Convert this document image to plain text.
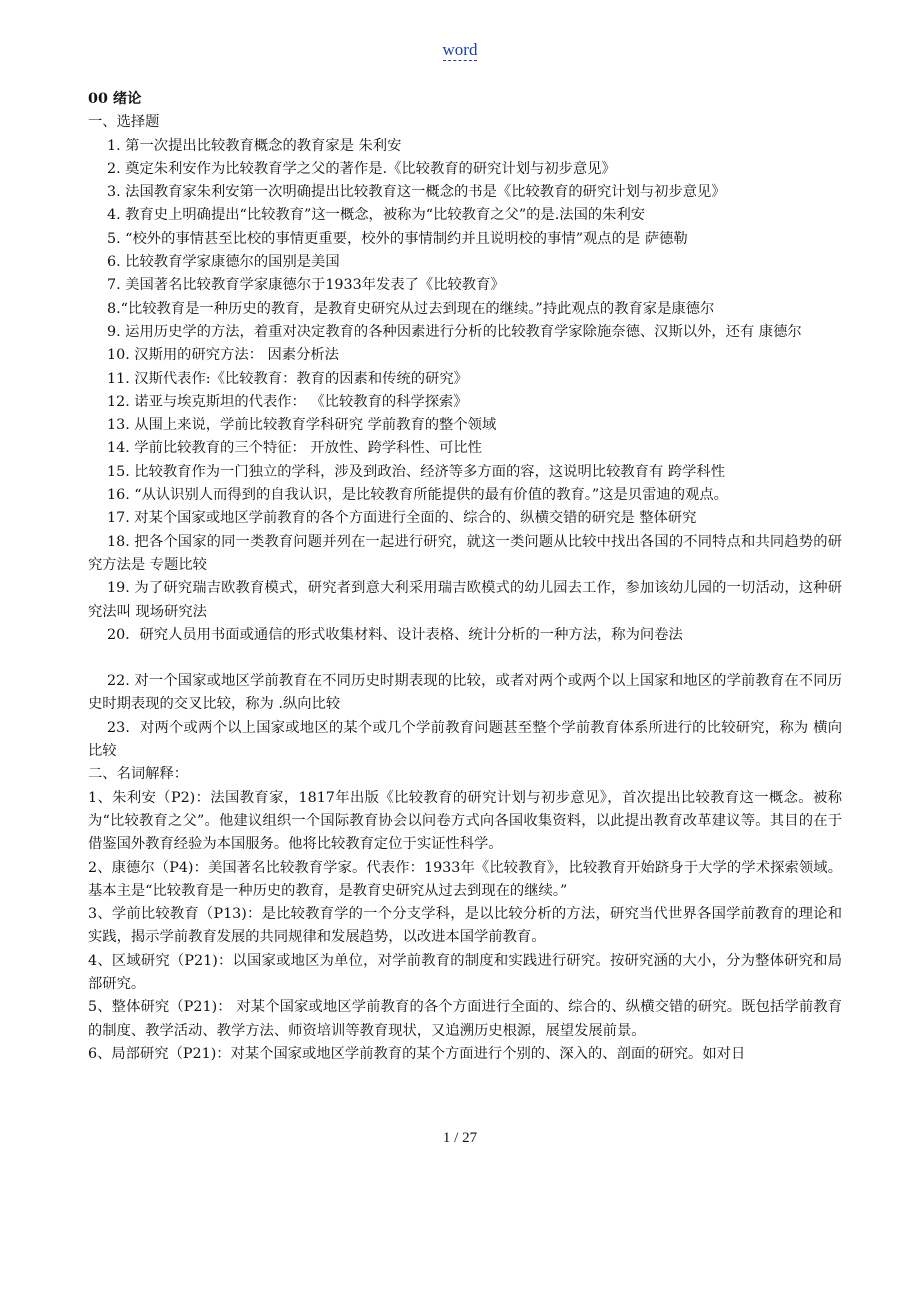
word
00 绪论
一、选择题
1. 第一次提出比较教育概念的教育家是 朱利安
2. 奠定朱利安作为比较教育学之父的著作是.《比较教育的研究计划与初步意见》
3. 法国教育家朱利安第一次明确提出比较教育这一概念的书是《比较教育的研究计划与初步意见》
4. 教育史上明确提出“比较教育”这一概念，被称为“比较教育之父”的是.法国的朱利安
5. “校外的事情甚至比校的事情更重要，校外的事情制约并且说明校的事情”观点的是 萨德勒
6. 比较教育学家康德尔的国别是美国
7. 美国著名比较教育学家康德尔于1933年发表了《比较教育》
8.“比较教育是一种历史的教育，是教育史研究从过去到现在的继续。”持此观点的教育家是康德尔
9. 运用历史学的方法，着重对决定教育的各种因素进行分析的比较教育学家除施奈德、汉斯以外，还有 康德尔
10. 汉斯用的研究方法： 因素分析法
11. 汉斯代表作:《比较教育：教育的因素和传统的研究》
12. 诺亚与埃克斯坦的代表作： 《比较教育的科学探索》
13. 从围上来说，学前比较教育学科研究 学前教育的整个领域
14. 学前比较教育的三个特征： 开放性、跨学科性、可比性
15. 比较教育作为一门独立的学科，涉及到政治、经济等多方面的容，这说明比较教育有 跨学科性
16. “从认识别人而得到的自我认识，是比较教育所能提供的最有价值的教育。”这是贝雷迪的观点。
17. 对某个国家或地区学前教育的各个方面进行全面的、综合的、纵横交错的研究是 整体研究
18. 把各个国家的同一类教育问题并列在一起进行研究，就这一类问题从比较中找出各国的不同特点和共同趋势的研究方法是 专题比较
19. 为了研究瑞吉欧教育模式，研究者到意大利采用瑞吉欧模式的幼儿园去工作，参加该幼儿园的一切活动，这种研究法叫 现场研究法
20．研究人员用书面或通信的形式收集材料、设计表格、统计分析的一种方法，称为问卷法
22. 对一个国家或地区学前教育在不同历史时期表现的比较，或者对两个或两个以上国家和地区的学前教育在不同历史时期表现的交叉比较，称为 .纵向比较
23．对两个或两个以上国家或地区的某个或几个学前教育问题甚至整个学前教育体系所进行的比较研究，称为 横向比较
二、名词解释：
1、朱利安（P2)：法国教育家，1817年出版《比较教育的研究计划与初步意见》，首次提出比较教育这一概念。被称为“比较教育之父”。他建议组织一个国际教育协会以问卷方式向各国收集资料，以此提出教育改革建议等。其目的在于借鉴国外教育经验为本国服务。他将比较教育定位于实证性科学。
2、康德尔（P4)：美国著名比较教育学家。代表作：1933年《比较教育》，比较教育开始跻身于大学的学术探索领域。基本主是“比较教育是一种历史的教育，是教育史研究从过去到现在的继续。”
3、学前比较教育（P13)：是比较教育学的一个分支学科，是以比较分析的方法，研究当代世界各国学前教育的理论和实践，揭示学前教育发展的共同规律和发展趋势，以改进本国学前教育。
4、区域研究（P21)：以国家或地区为单位，对学前教育的制度和实践进行研究。按研究涵的大小，分为整体研究和局部研究。
5、整体研究（P21)： 对某个国家或地区学前教育的各个方面进行全面的、综合的、纵横交错的研究。既包括学前教育的制度、教学活动、教学方法、师资培训等教育现状，又追溯历史根源，展望发展前景。
6、局部研究（P21)：对某个国家或地区学前教育的某个方面进行个别的、深入的、剖面的研究。如对日
1 / 27
